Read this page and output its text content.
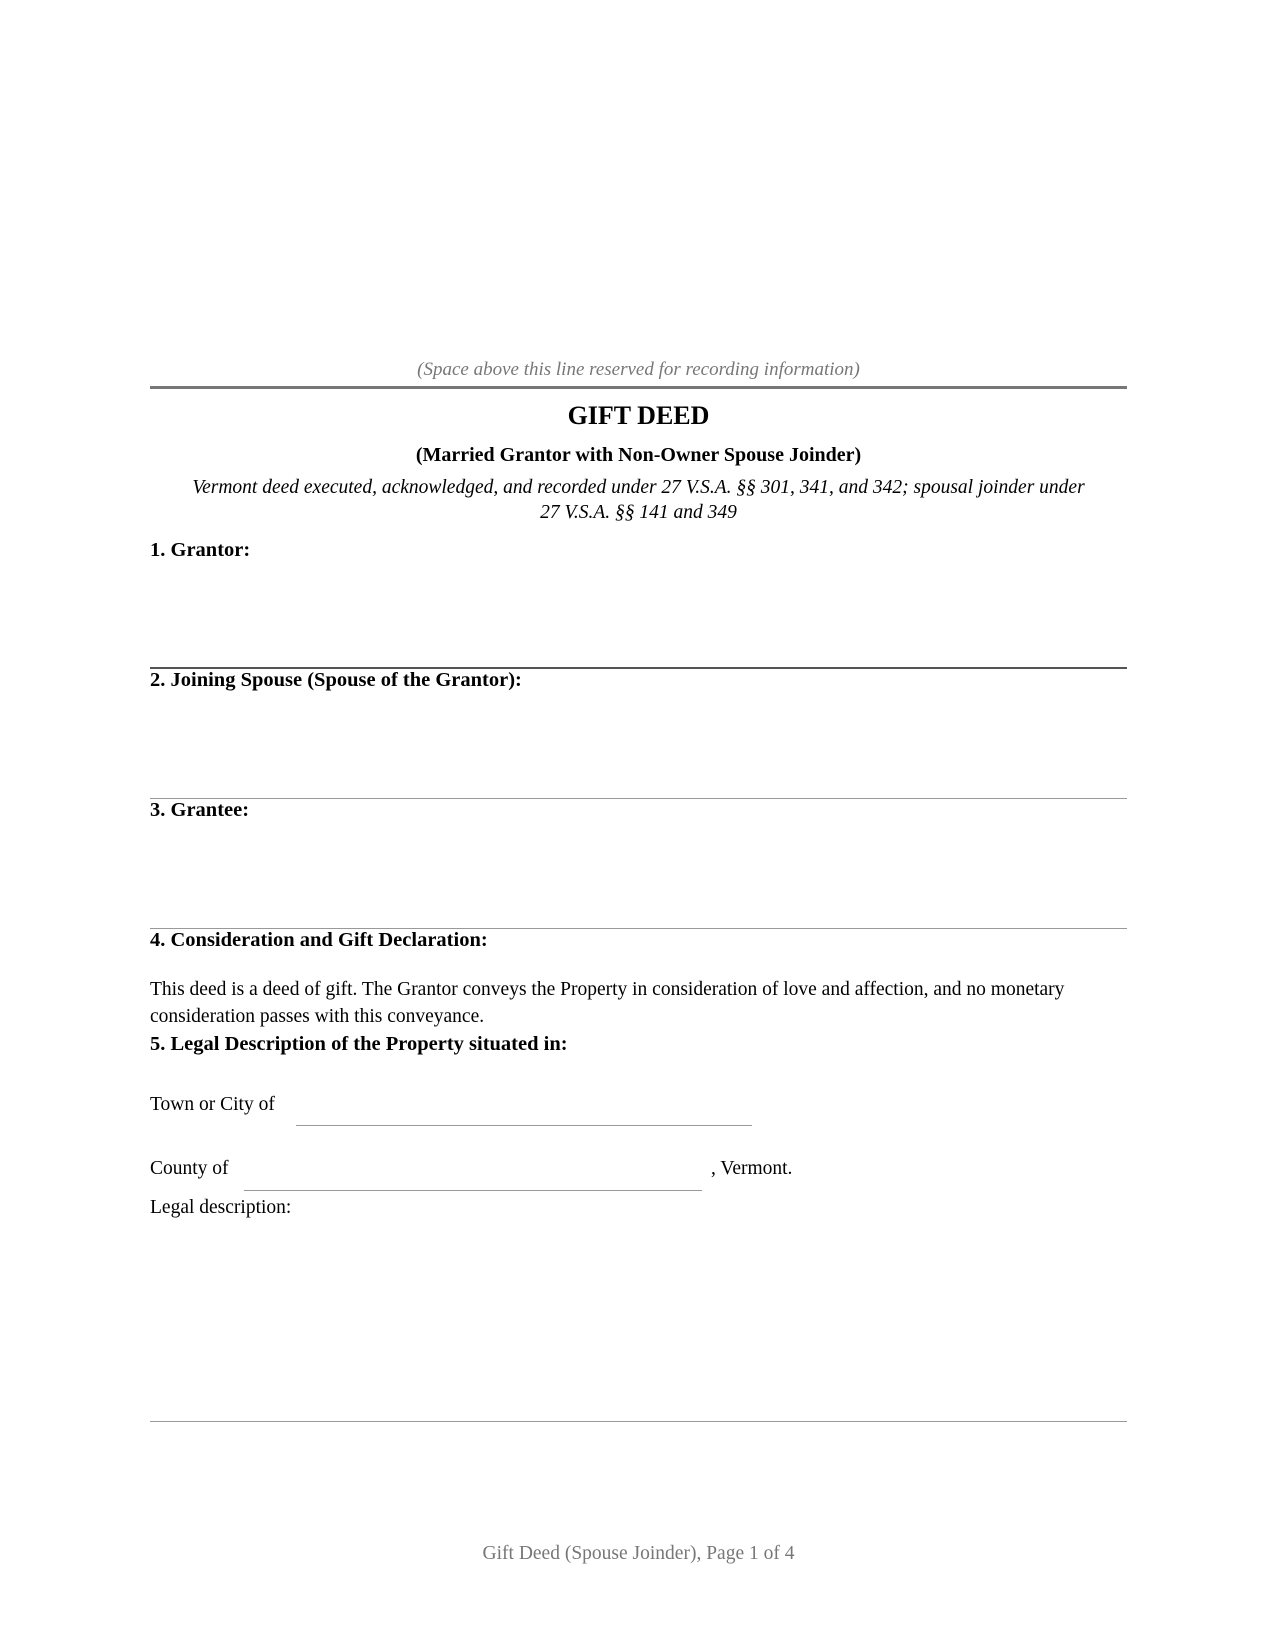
(Space above this line reserved for recording information)
GIFT DEED
(Married Grantor with Non-Owner Spouse Joinder)
Vermont deed executed, acknowledged, and recorded under 27 V.S.A. §§ 301, 341, and 342; spousal joinder under
27 V.S.A. §§ 141 and 349
1. Grantor:
2. Joining Spouse (Spouse of the Grantor):
3. Grantee:
4. Consideration and Gift Declaration:
This deed is a deed of gift. The Grantor conveys the Property in consideration of love and affection, and no monetary consideration passes with this conveyance.
5. Legal Description of the Property situated in:
Town or City of
County of	, Vermont.
Legal description:
Gift Deed (Spouse Joinder), Page 1 of 4
